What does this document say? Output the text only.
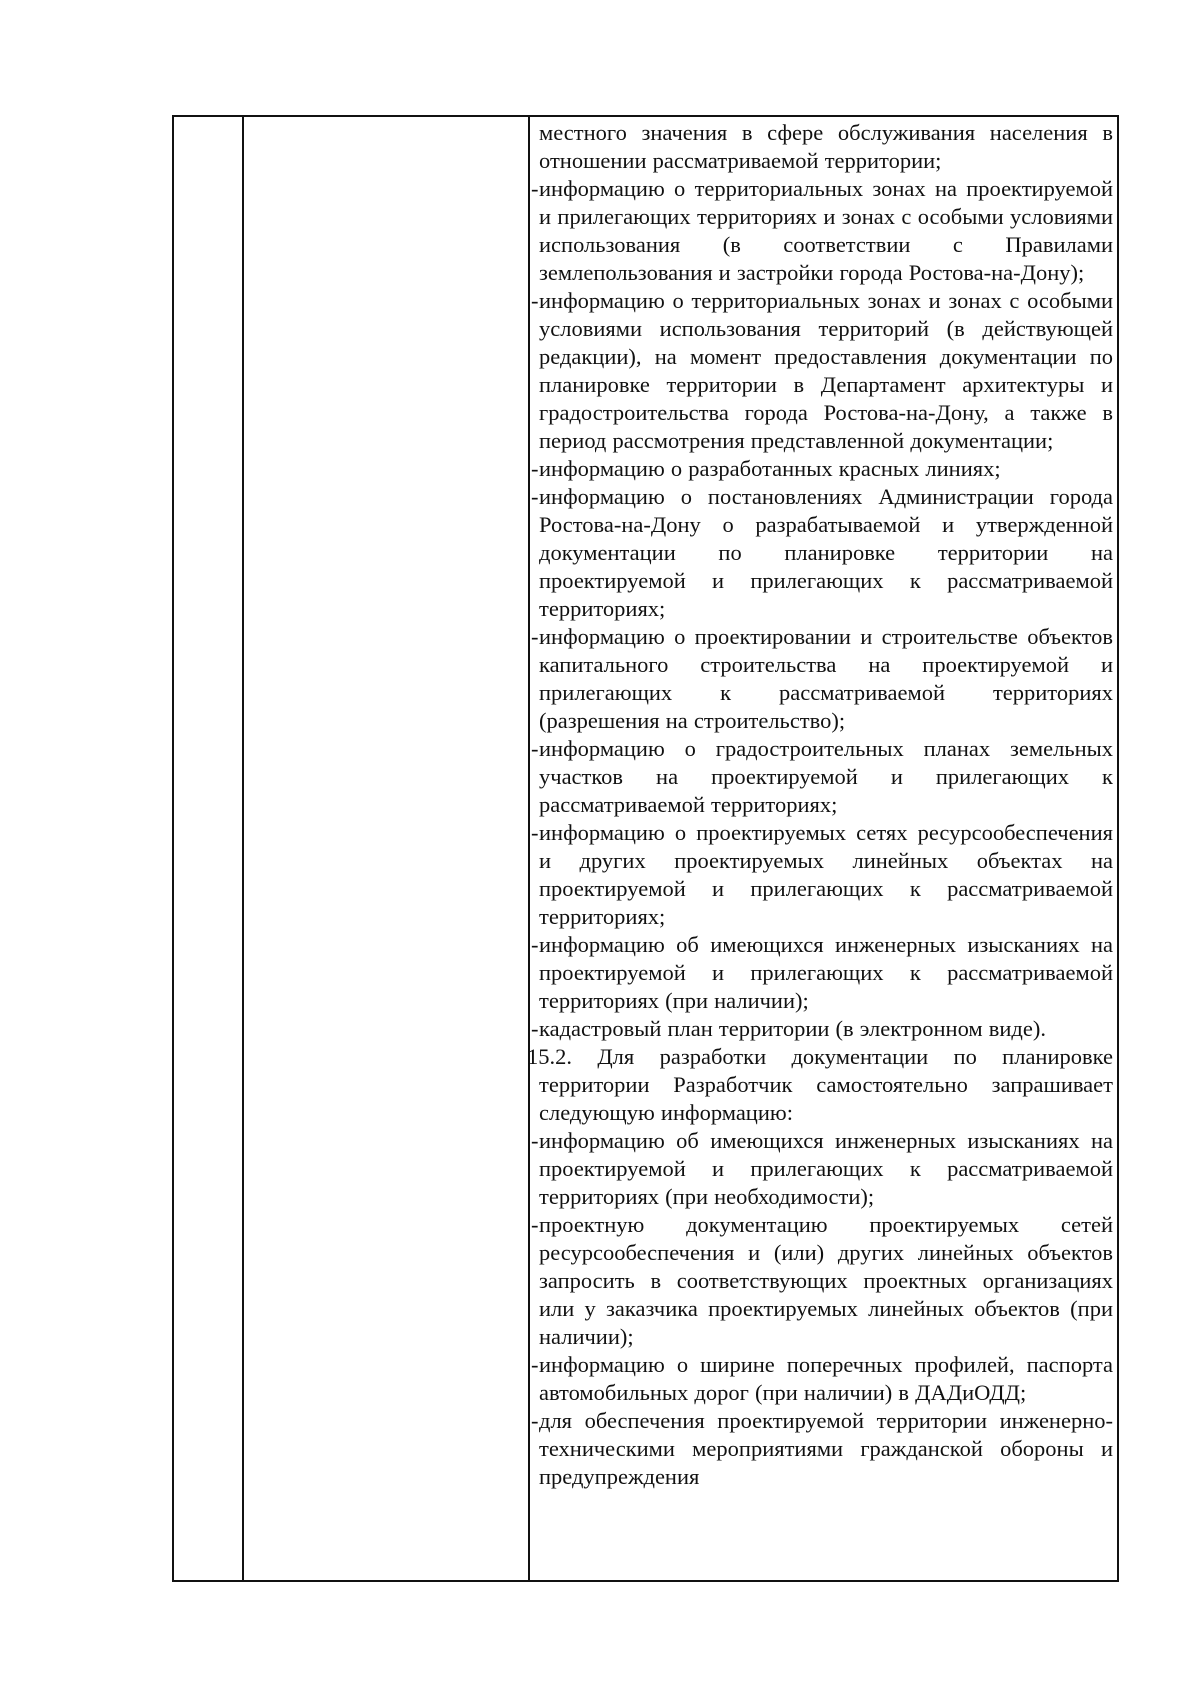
местного значения в сфере обслуживания населения в отношении рассматриваемой территории;

- информацию о территориальных зонах на проектируемой и прилегающих территориях и зонах с особыми условиями использования (в соответствии с Правилами землепользования и застройки города Ростова-на-Дону);

- информацию о территориальных зонах и зонах с особыми условиями использования территорий (в действующей редакции), на момент предоставления документации по планировке территории в Департамент архитектуры и градостроительства города Ростова-на-Дону, а также в период рассмотрения представленной документации;

- информацию о разработанных красных линиях;

- информацию о постановлениях Администрации города Ростова-на-Дону о разрабатываемой и утвержденной документации по планировке территории на проектируемой и прилегающих к рассматриваемой территориях;

- информацию о проектировании и строительстве объектов капитального строительства на проектируемой и прилегающих к рассматриваемой территориях (разрешения на строительство);

- информацию о градостроительных планах земельных участков на проектируемой и прилегающих к рассматриваемой территориях;

- информацию о проектируемых сетях ресурсообеспечения и других проектируемых линейных объектах на проектируемой и прилегающих к рассматриваемой территориях;

- информацию об имеющихся инженерных изысканиях на проектируемой и прилегающих к рассматриваемой территориях (при наличии);

- кадастровый план территории (в электронном виде).

15.2. Для разработки документации по планировке территории Разработчик самостоятельно запрашивает следующую информацию:

- информацию об имеющихся инженерных изысканиях на проектируемой и прилегающих к рассматриваемой территориях (при необходимости);

- проектную документацию проектируемых сетей ресурсообеспечения и (или) других линейных объектов запросить в соответствующих проектных организациях или у заказчика проектируемых линейных объектов (при наличии);

- информацию о ширине поперечных профилей, паспорта автомобильных дорог (при наличии) в ДАДиОДД;

- для обеспечения проектируемой территории инженерно-техническими мероприятиями гражданской обороны и предупреждения
